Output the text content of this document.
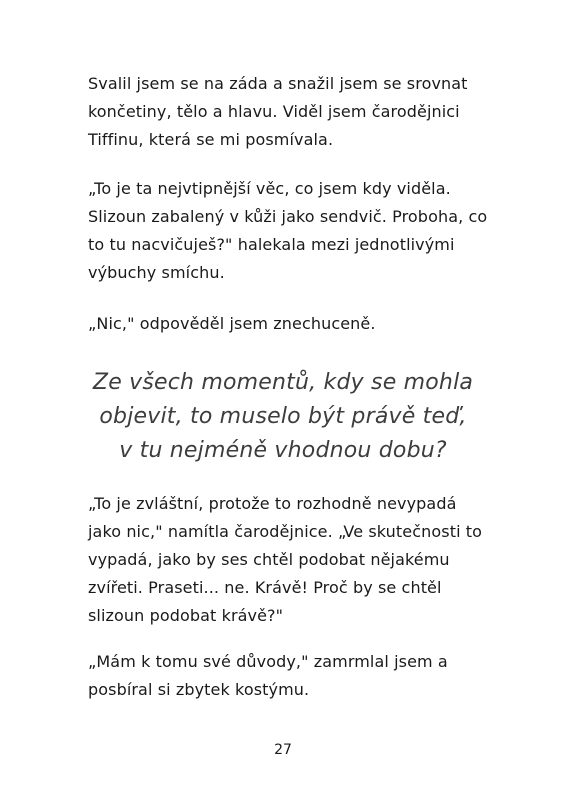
Svalil jsem se na záda a snažil jsem se srovnat končetiny, tělo a hlavu. Viděl jsem čarodějnici Tiffinu, která se mi posmívala.

„To je ta nejvtipnější věc, co jsem kdy viděla. Slizoun zabalený v kůži jako sendvič. Proboha, co to tu nacvičuješ?" halekala mezi jednotlivými výbuchy smíchu.

„Nic," odpověděl jsem znechuceně.

Ze všech momentů, kdy se mohla
objevit, to muselo být právě teď,
v tu nejméně vhodnou dobu?

„To je zvláštní, protože to rozhodně nevypadá jako nic," namítla čarodějnice. „Ve skutečnosti to vypadá, jako by ses chtěl podobat nějakému zvířeti. Praseti... ne. Krávě! Proč by se chtěl slizoun podobat krávě?"

„Mám k tomu své důvody," zamrmlal jsem a posbíral si zbytek kostýmu.

27
